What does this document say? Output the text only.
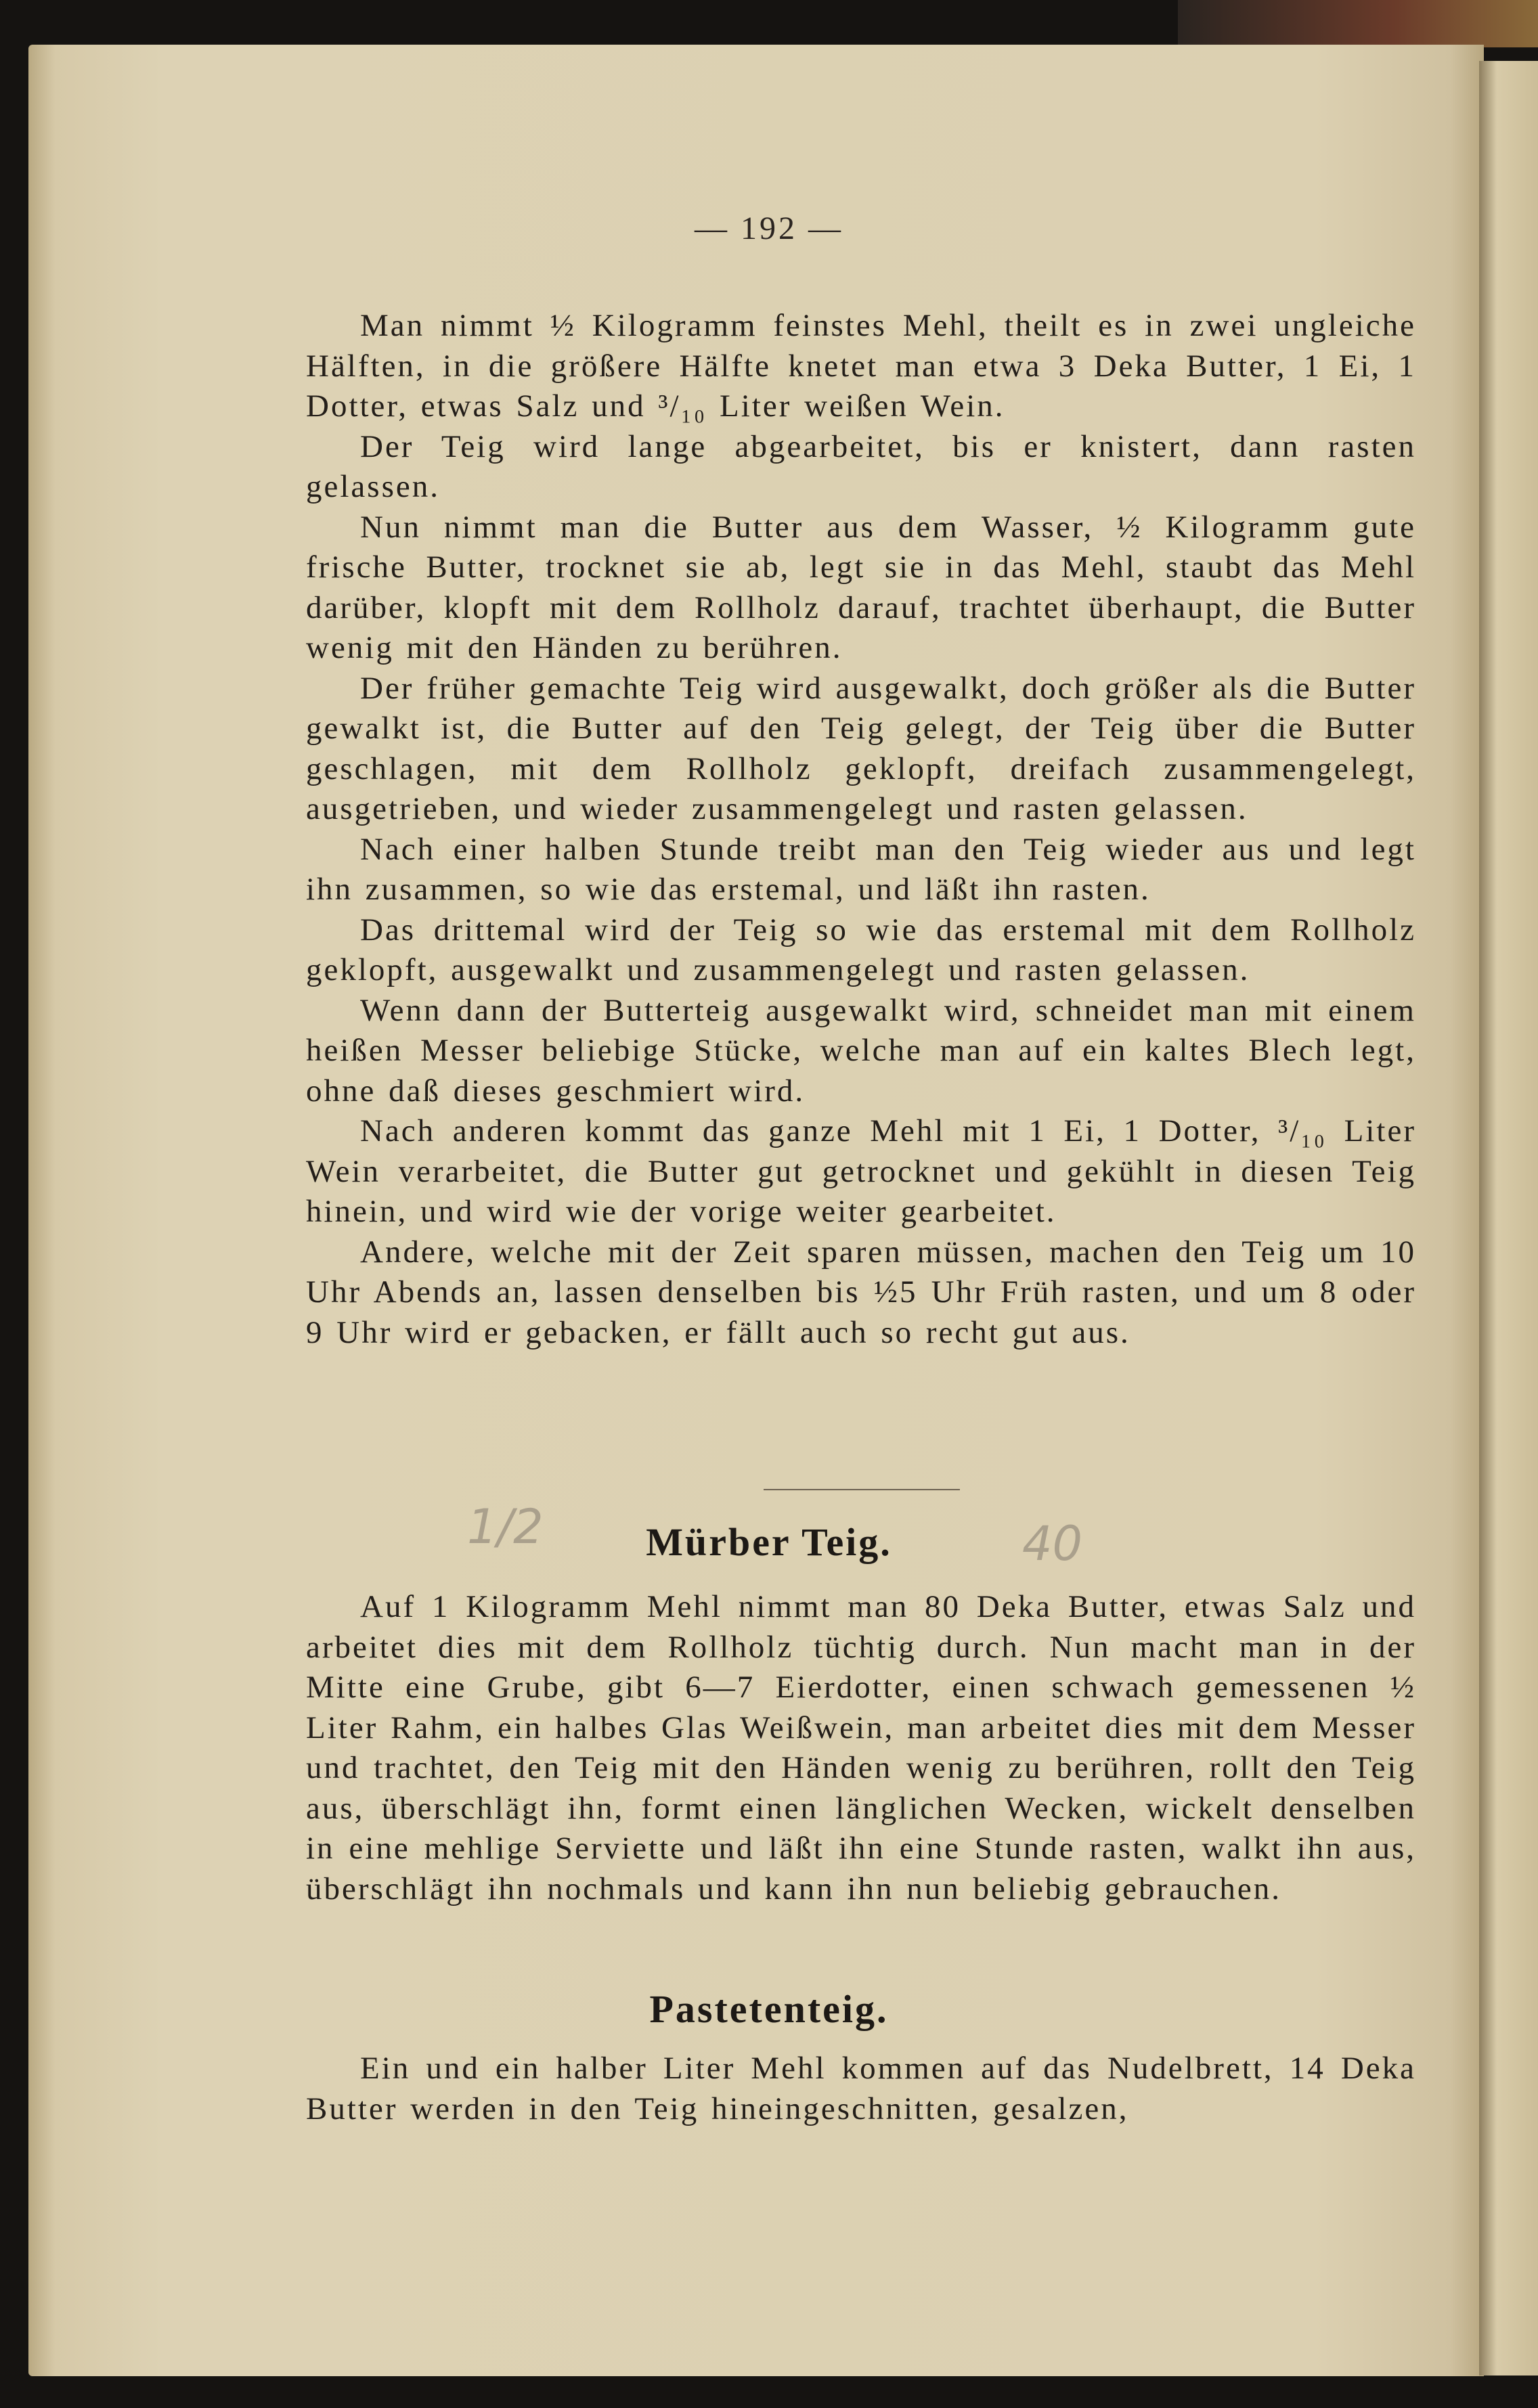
— 192 —

Man nimmt ½ Kilogramm feinstes Mehl, theilt es in zwei ungleiche Hälften, in die größere Hälfte knetet man etwa 3 Deka Butter, 1 Ei, 1 Dotter, etwas Salz und ³/₁₀ Liter weißen Wein.

Der Teig wird lange abgearbeitet, bis er knistert, dann rasten gelassen.

Nun nimmt man die Butter aus dem Wasser, ½ Kilogramm gute frische Butter, trocknet sie ab, legt sie in das Mehl, staubt das Mehl darüber, klopft mit dem Rollholz darauf, trachtet überhaupt, die Butter wenig mit den Händen zu berühren.

Der früher gemachte Teig wird ausgewalkt, doch größer als die Butter gewalkt ist, die Butter auf den Teig gelegt, der Teig über die Butter geschlagen, mit dem Rollholz geklopft, dreifach zusammengelegt, ausgetrieben, und wieder zusammengelegt und rasten gelassen.

Nach einer halben Stunde treibt man den Teig wieder aus und legt ihn zusammen, so wie das erstemal, und läßt ihn rasten.

Das drittemal wird der Teig so wie das erstemal mit dem Rollholz geklopft, ausgewalkt und zusammengelegt und rasten gelassen.

Wenn dann der Butterteig ausgewalkt wird, schneidet man mit einem heißen Messer beliebige Stücke, welche man auf ein kaltes Blech legt, ohne daß dieses geschmiert wird.

Nach anderen kommt das ganze Mehl mit 1 Ei, 1 Dotter, ³/₁₀ Liter Wein verarbeitet, die Butter gut getrocknet und gekühlt in diesen Teig hinein, und wird wie der vorige weiter gearbeitet.

Andere, welche mit der Zeit sparen müssen, machen den Teig um 10 Uhr Abends an, lassen denselben bis ½5 Uhr Früh rasten, und um 8 oder 9 Uhr wird er gebacken, er fällt auch so recht gut aus.

Mürber Teig.
1/2	40

Auf 1 Kilogramm Mehl nimmt man 80 Deka Butter, etwas Salz und arbeitet dies mit dem Rollholz tüchtig durch. Nun macht man in der Mitte eine Grube, gibt 6—7 Eierdotter, einen schwach gemessenen ½ Liter Rahm, ein halbes Glas Weißwein, man arbeitet dies mit dem Messer und trachtet, den Teig mit den Händen wenig zu berühren, rollt den Teig aus, überschlägt ihn, formt einen länglichen Wecken, wickelt denselben in eine mehlige Serviette und läßt ihn eine Stunde rasten, walkt ihn aus, überschlägt ihn nochmals und kann ihn nun beliebig gebrauchen.

Pastetenteig.

Ein und ein halber Liter Mehl kommen auf das Nudelbrett, 14 Deka Butter werden in den Teig hineingeschnitten, gesalzen,
